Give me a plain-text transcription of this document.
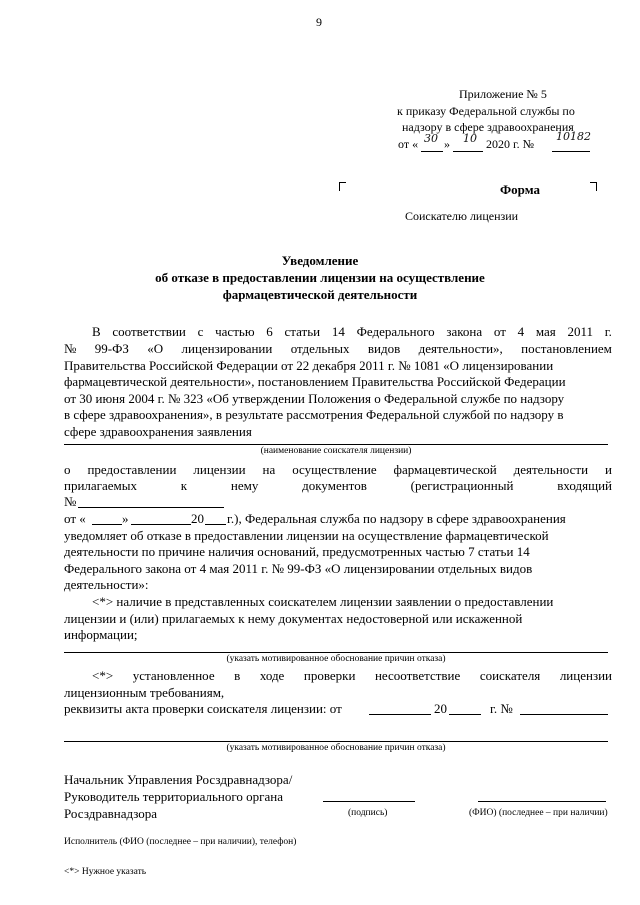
9
Приложение № 5
к приказу Федеральной службы по
надзору в сфере здравоохранения
от « 30 » 10 2020 г. №
10182
Форма
Соискателю лицензии
Уведомление
об отказе в предоставлении лицензии на осуществление
фармацевтической деятельности
В соответствии с частью 6 статьи 14 Федерального закона от 4 мая 2011 г.
№ 99-ФЗ «О лицензировании отдельных видов деятельности», постановлением
Правительства Российской Федерации от 22 декабря 2011 г. № 1081 «О лицензировании
фармацевтической деятельности», постановлением Правительства Российской Федерации
от 30 июня 2004 г. № 323 «Об утверждении Положения о Федеральной службе по надзору
в сфере здравоохранения», в результате рассмотрения Федеральной службой по надзору в
сфере здравоохранения заявления
(наименование соискателя лицензии)
о предоставлении лицензии на осуществление фармацевтической деятельности и
прилагаемых	к	нему	документов	(регистрационный	входящий
№
от «	»	20 г.), Федеральная служба по надзору в сфере здравоохранения
уведомляет об отказе в предоставлении лицензии на осуществление фармацевтической
деятельности по причине наличия оснований, предусмотренных частью 7 статьи 14
Федерального закона от 4 мая 2011 г. № 99-ФЗ «О лицензировании отдельных видов
деятельности»:
<*> наличие в представленных соискателем лицензии заявлении о предоставлении
лицензии и (или) прилагаемых к нему документах недостоверной или искаженной
информации;
(указать мотивированное обоснование причин отказа)
<*> установленное в ходе проверки несоответствие соискателя лицензии
лицензионным требованиям,
реквизиты акта проверки соискателя лицензии: от	20	г. №
(указать мотивированное обоснование причин отказа)
Начальник Управления Росздравнадзора/
Руководитель территориального органа
Росздравнадзора	(подпись)	(ФИО) (последнее – при наличии)
Исполнитель (ФИО (последнее – при наличии), телефон)
<*> Нужное указать
